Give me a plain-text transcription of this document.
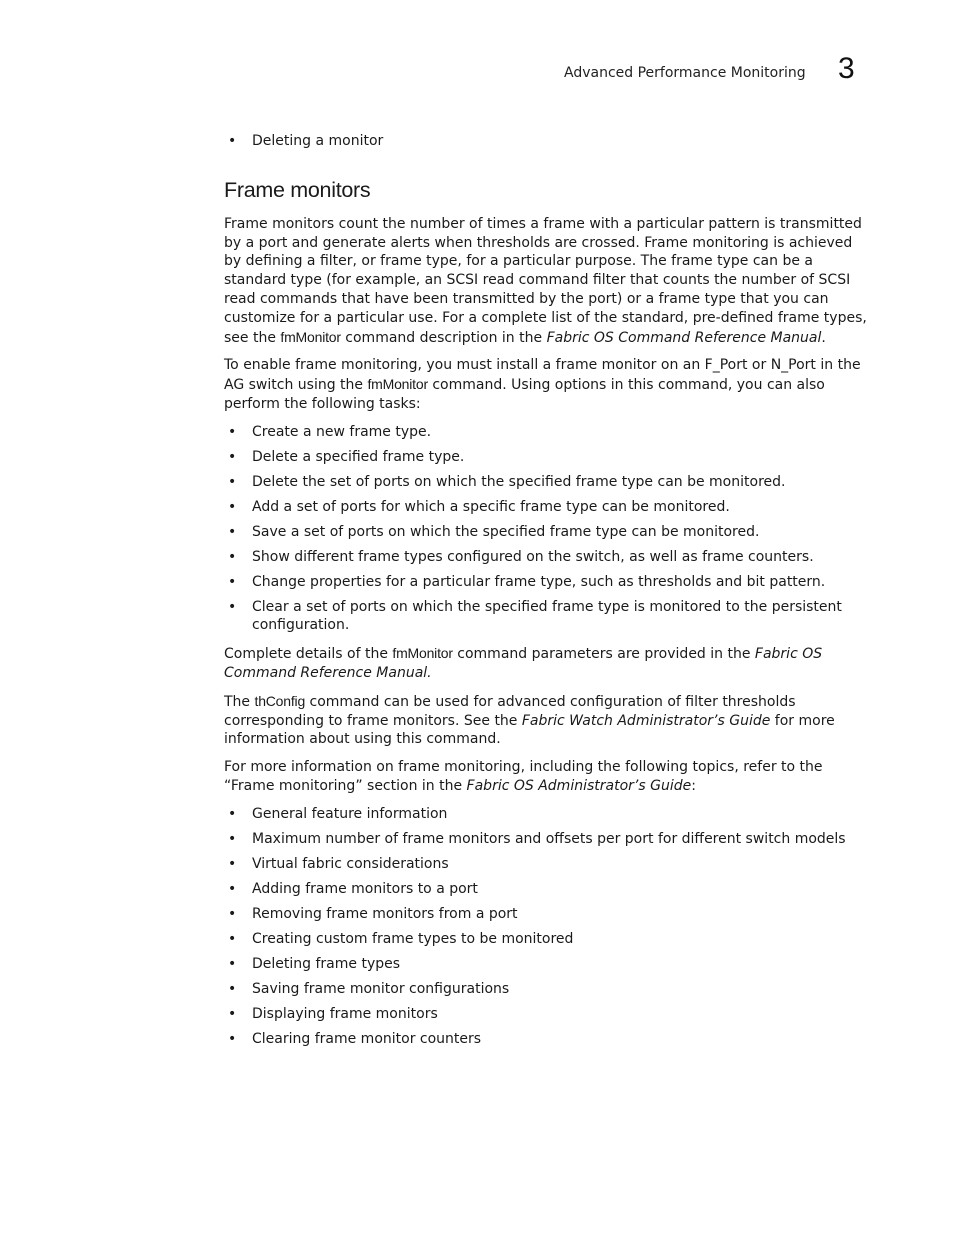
Advanced Performance Monitoring 3
• Deleting a monitor
Frame monitors

Frame monitors count the number of times a frame with a particular pattern is transmitted by a port and generate alerts when thresholds are crossed. Frame monitoring is achieved by defining a filter, or frame type, for a particular purpose. The frame type can be a standard type (for example, an SCSI read command filter that counts the number of SCSI read commands that have been transmitted by the port) or a frame type that you can customize for a particular use. For a complete list of the standard, pre-defined frame types, see the fmMonitor command description in the Fabric OS Command Reference Manual.

To enable frame monitoring, you must install a frame monitor on an F_Port or N_Port in the AG switch using the fmMonitor command. Using options in this command, you can also perform the following tasks:

• Create a new frame type.
• Delete a specified frame type.
• Delete the set of ports on which the specified frame type can be monitored.
• Add a set of ports for which a specific frame type can be monitored.
• Save a set of ports on which the specified frame type can be monitored.
• Show different frame types configured on the switch, as well as frame counters.
• Change properties for a particular frame type, such as thresholds and bit pattern.
• Clear a set of ports on which the specified frame type is monitored to the persistent configuration.

Complete details of the fmMonitor command parameters are provided in the Fabric OS Command Reference Manual.

The thConfig command can be used for advanced configuration of filter thresholds corresponding to frame monitors. See the Fabric Watch Administrator’s Guide for more information about using this command.

For more information on frame monitoring, including the following topics, refer to the “Frame monitoring” section in the Fabric OS Administrator’s Guide:

• General feature information
• Maximum number of frame monitors and offsets per port for different switch models
• Virtual fabric considerations
• Adding frame monitors to a port
• Removing frame monitors from a port
• Creating custom frame types to be monitored
• Deleting frame types
• Saving frame monitor configurations
• Displaying frame monitors
• Clearing frame monitor counters
